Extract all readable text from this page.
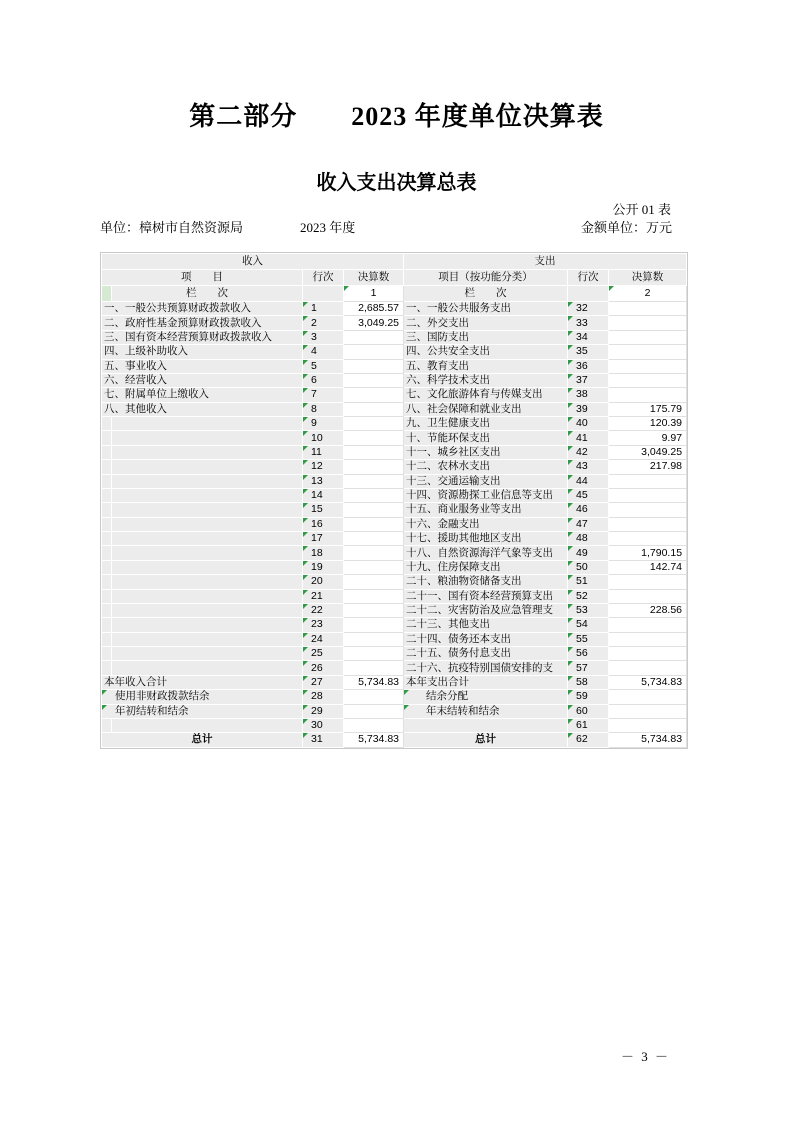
第二部分　　2023 年度单位决算表
收入支出决算总表
公开 01 表
单位：樟树市自然资源局	2023 年度	金额单位：万元
收入				支出		
项　　目		行次	决算数	项目（按功能分类）	行次	决算数
	栏　　次		1	栏　　次		2
一、一般公共预算财政拨款收入		1	2,685.57	一、一般公共服务支出	32

二、政府性基金预算财政拨款收入		2	3,049.25	二、外交支出	33

三、国有资本经营预算财政拨款收入		3		三、国防支出	34

四、上级补助收入		4		四、公共安全支出	35

五、事业收入		5		五、教育支出	36

六、经营收入		6		六、科学技术支出	37

七、附属单位上缴收入		7		七、文化旅游体育与传媒支出	38

八、其他收入		8		八、社会保障和就业支出	39	175.79
		9		九、卫生健康支出	40	120.39
		10		十、节能环保支出	41	9.97
		11		十一、城乡社区支出	42	3,049.25
		12		十二、农林水支出	43	217.98
		13		十三、交通运输支出	44

		14		十四、资源勘探工业信息等支出	45

		15		十五、商业服务业等支出	46

		16		十六、金融支出	47

		17		十七、援助其他地区支出	48

		18		十八、自然资源海洋气象等支出	49	1,790.15
		19		十九、住房保障支出	50	142.74
		20		二十、粮油物资储备支出	51

		21		二十一、国有资本经营预算支出	52

		22		二十二、灾害防治及应急管理支	53	228.56
		23		二十三、其他支出	54

		24		二十四、债务还本支出	55

		25		二十五、债务付息支出	56

		26		二十六、抗疫特别国债安排的支	57

本年收入合计		27	5,734.83	本年支出合计	58	5,734.83
使用非财政拨款结余		28		结余分配	59

年初结转和结余		29		年末结转和结余	60

		30			61

总计		31	5,734.83	总计	62	5,734.83
－ 3 －
